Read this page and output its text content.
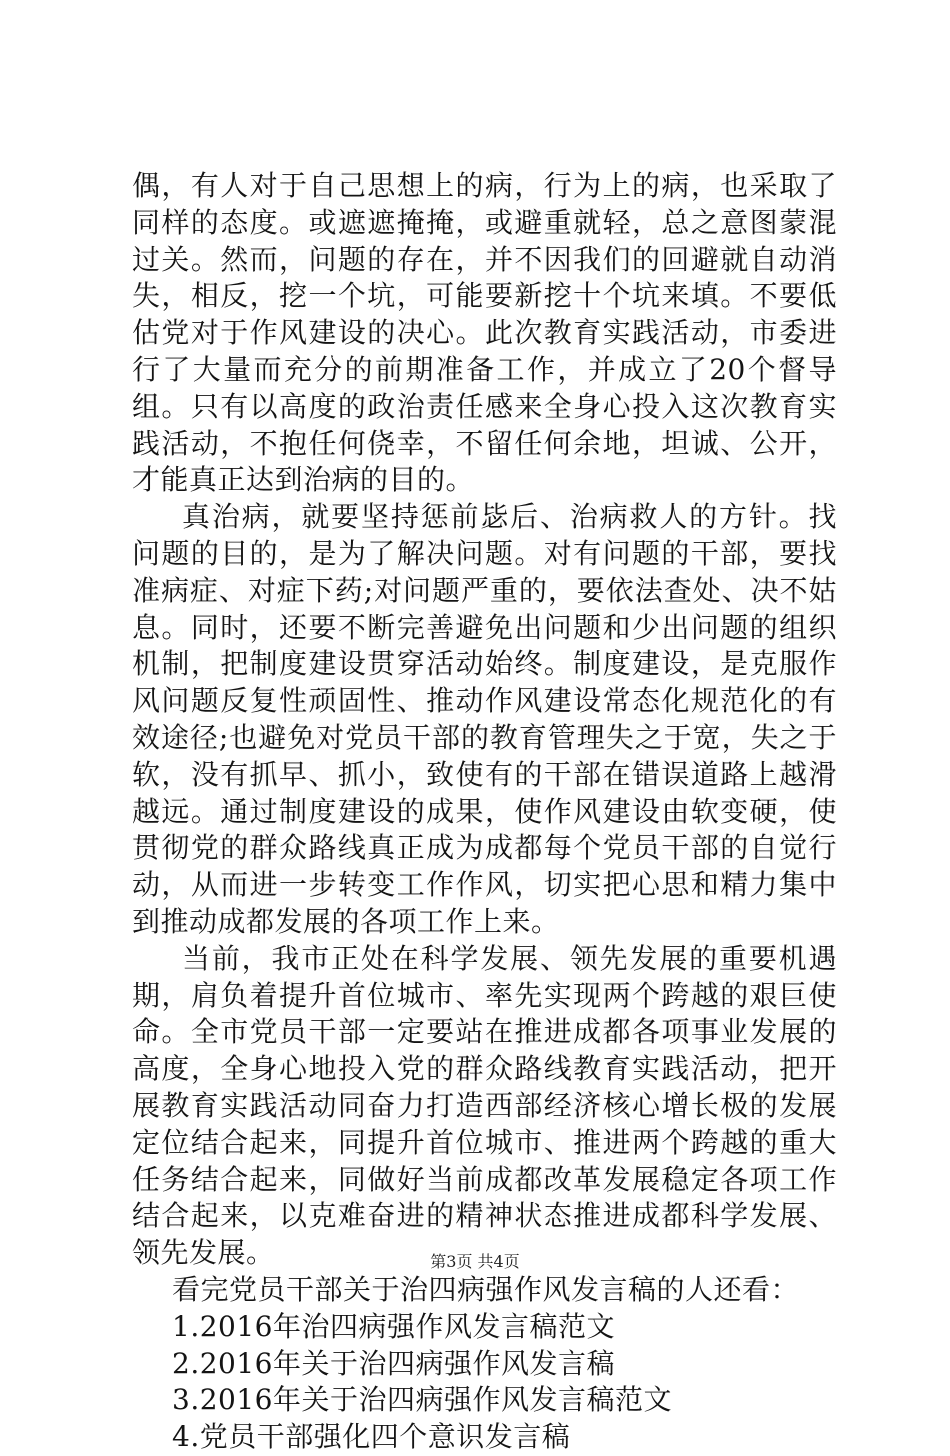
偶，有人对于自己思想上的病，行为上的病，也采取了同样的态度。或遮遮掩掩，或避重就轻，总之意图蒙混过关。然而，问题的存在，并不因我们的回避就自动消失，相反，挖一个坑，可能要新挖十个坑来填。不要低估党对于作风建设的决心。此次教育实践活动，市委进行了大量而充分的前期准备工作，并成立了20个督导组。只有以高度的政治责任感来全身心投入这次教育实践活动，不抱任何侥幸，不留任何余地，坦诚、公开，才能真正达到治病的目的。

真治病，就要坚持惩前毖后、治病救人的方针。找问题的目的，是为了解决问题。对有问题的干部，要找准病症、对症下药;对问题严重的，要依法查处、决不姑息。同时，还要不断完善避免出问题和少出问题的组织机制，把制度建设贯穿活动始终。制度建设，是克服作风问题反复性顽固性、推动作风建设常态化规范化的有效途径;也避免对党员干部的教育管理失之于宽，失之于软，没有抓早、抓小，致使有的干部在错误道路上越滑越远。通过制度建设的成果，使作风建设由软变硬，使贯彻党的群众路线真正成为成都每个党员干部的自觉行动，从而进一步转变工作作风，切实把心思和精力集中到推动成都发展的各项工作上来。

当前，我市正处在科学发展、领先发展的重要机遇期，肩负着提升首位城市、率先实现两个跨越的艰巨使命。全市党员干部一定要站在推进成都各项事业发展的高度，全身心地投入党的群众路线教育实践活动，把开展教育实践活动同奋力打造西部经济核心增长极的发展定位结合起来，同提升首位城市、推进两个跨越的重大任务结合起来，同做好当前成都改革发展稳定各项工作结合起来，以克难奋进的精神状态推进成都科学发展、领先发展。

看完党员干部关于治四病强作风发言稿的人还看：

1.2016年治四病强作风发言稿范文
2.2016年关于治四病强作风发言稿
3.2016年关于治四病强作风发言稿范文
4.党员干部强化四个意识发言稿
第3页 共4页
